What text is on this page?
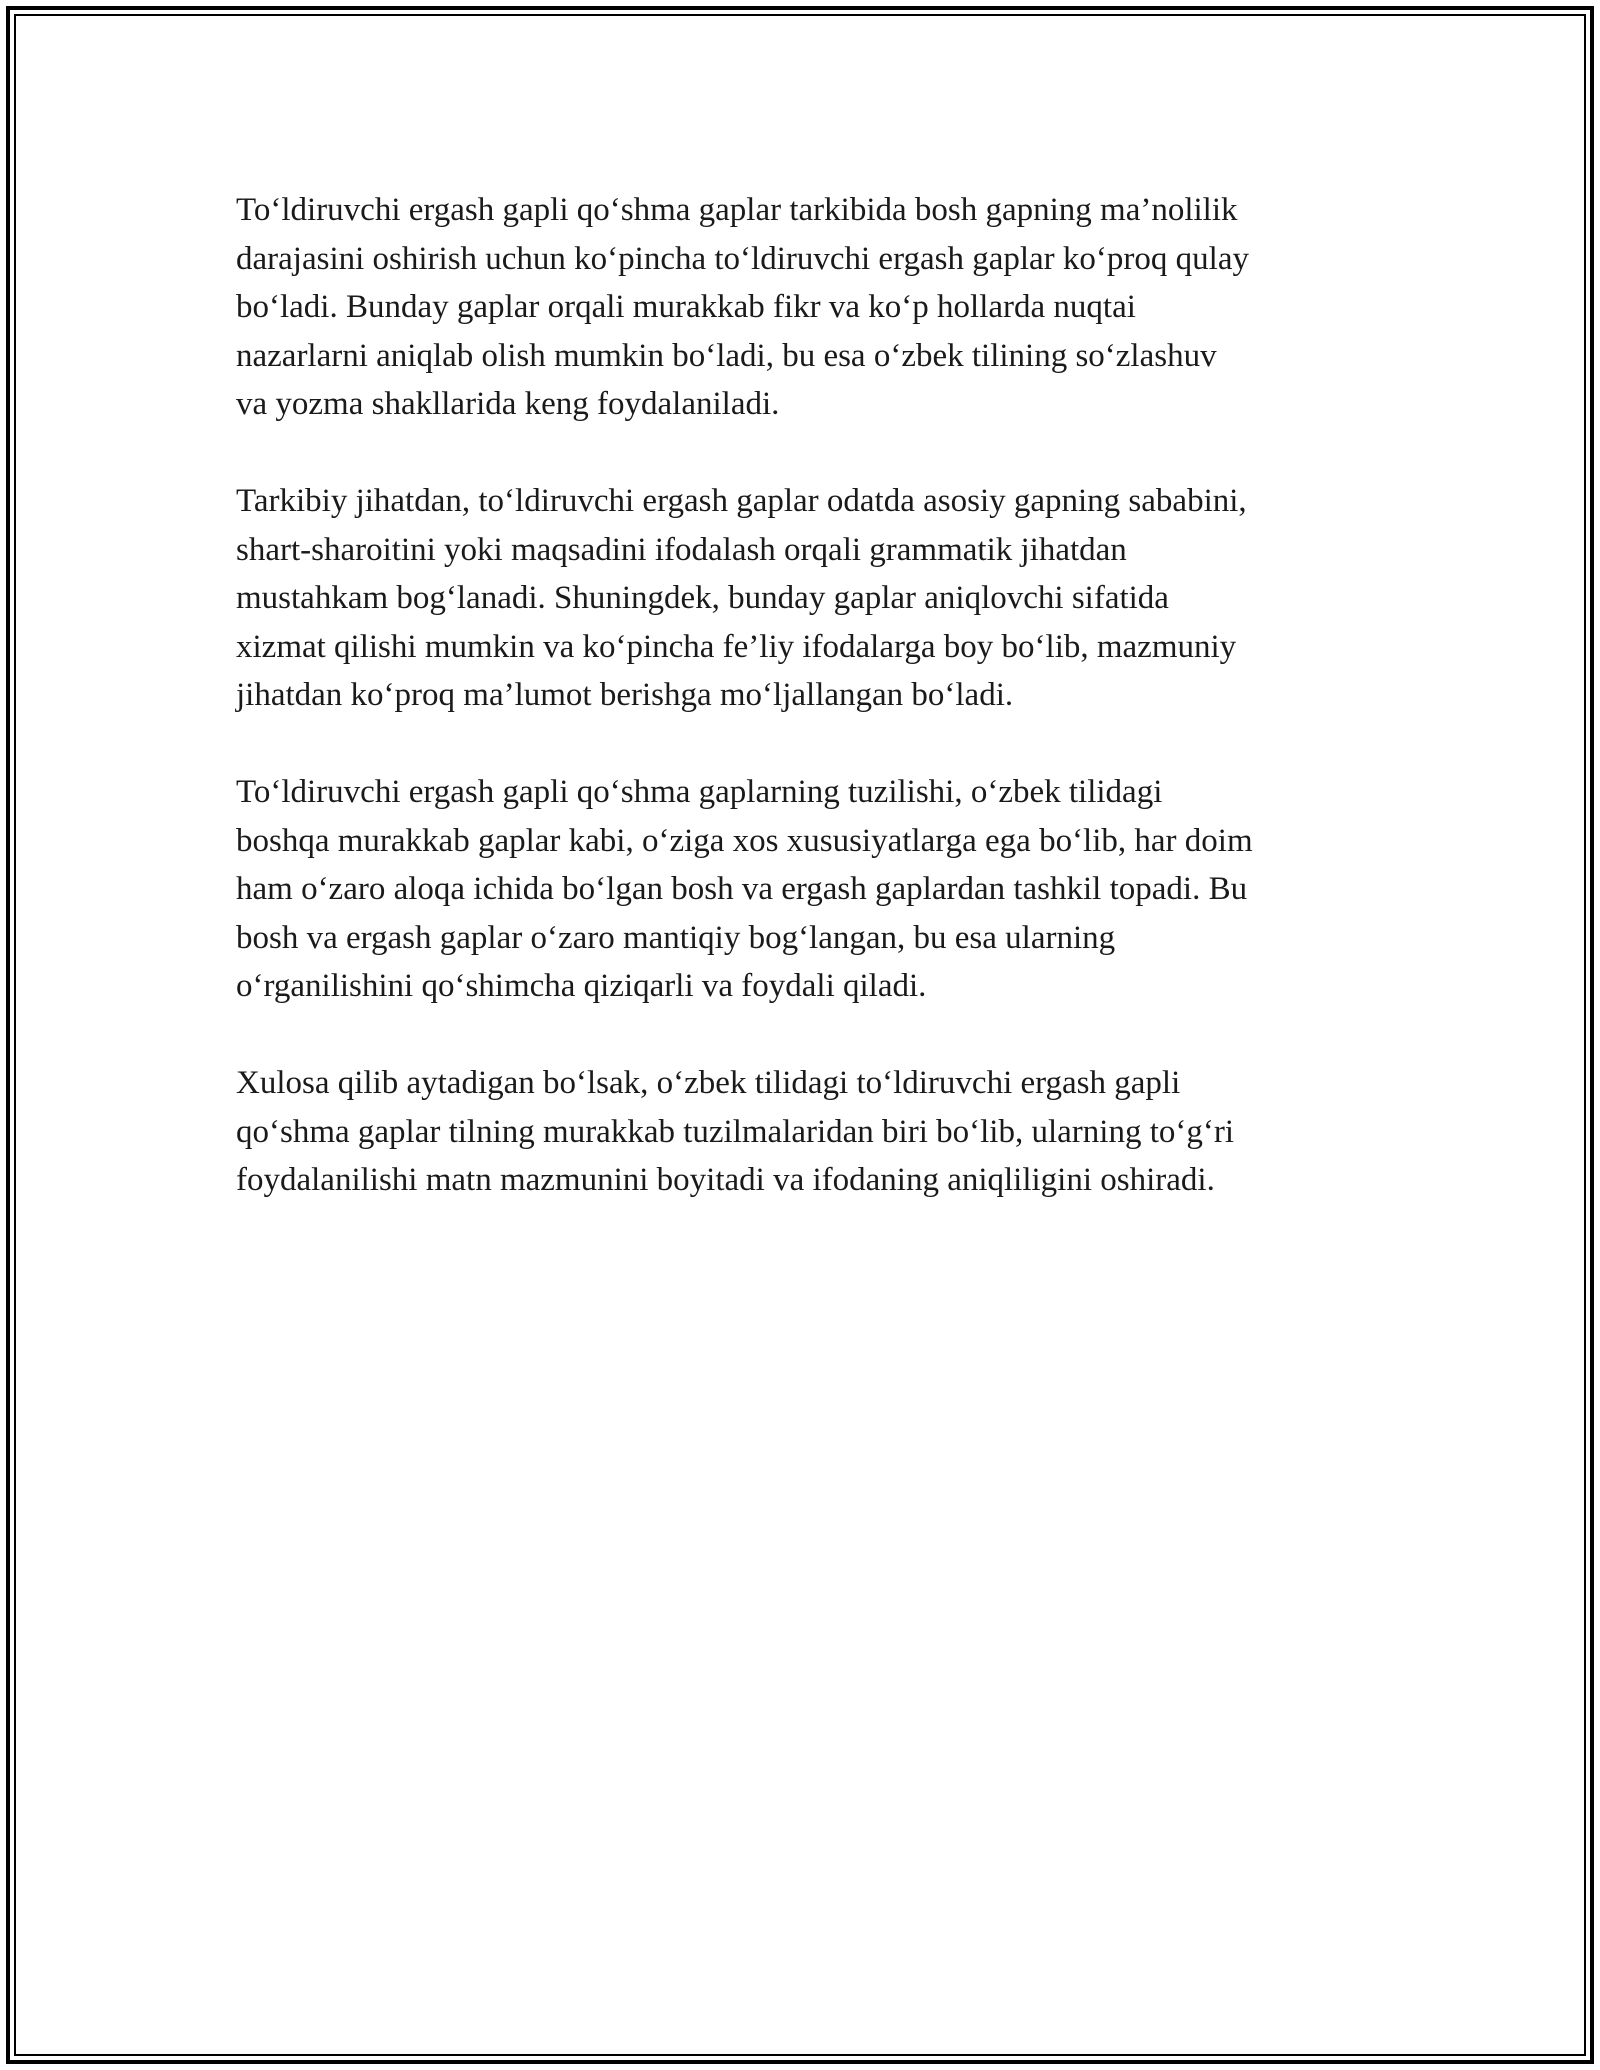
To‘ldiruvchi ergash gapli qo‘shma gaplar tarkibida bosh gapning ma’nolilik
darajasini oshirish uchun ko‘pincha to‘ldiruvchi ergash gaplar ko‘proq qulay
bo‘ladi. Bunday gaplar orqali murakkab fikr va ko‘p hollarda nuqtai
nazarlarni aniqlab olish mumkin bo‘ladi, bu esa o‘zbek tilining so‘zlashuv
va yozma shakllarida keng foydalaniladi.

Tarkibiy jihatdan, to‘ldiruvchi ergash gaplar odatda asosiy gapning sababini,
shart-sharoitini yoki maqsadini ifodalash orqali grammatik jihatdan
mustahkam bog‘lanadi. Shuningdek, bunday gaplar aniqlovchi sifatida
xizmat qilishi mumkin va ko‘pincha fe’liy ifodalarga boy bo‘lib, mazmuniy
jihatdan ko‘proq ma’lumot berishga mo‘ljallangan bo‘ladi.

To‘ldiruvchi ergash gapli qo‘shma gaplarning tuzilishi, o‘zbek tilidagi
boshqa murakkab gaplar kabi, o‘ziga xos xususiyatlarga ega bo‘lib, har doim
ham o‘zaro aloqa ichida bo‘lgan bosh va ergash gaplardan tashkil topadi. Bu
bosh va ergash gaplar o‘zaro mantiqiy bog‘langan, bu esa ularning
o‘rganilishini qo‘shimcha qiziqarli va foydali qiladi.

Xulosa qilib aytadigan bo‘lsak, o‘zbek tilidagi to‘ldiruvchi ergash gapli
qo‘shma gaplar tilning murakkab tuzilmalaridan biri bo‘lib, ularning to‘g‘ri
foydalanilishi matn mazmunini boyitadi va ifodaning aniqliligini oshiradi.
